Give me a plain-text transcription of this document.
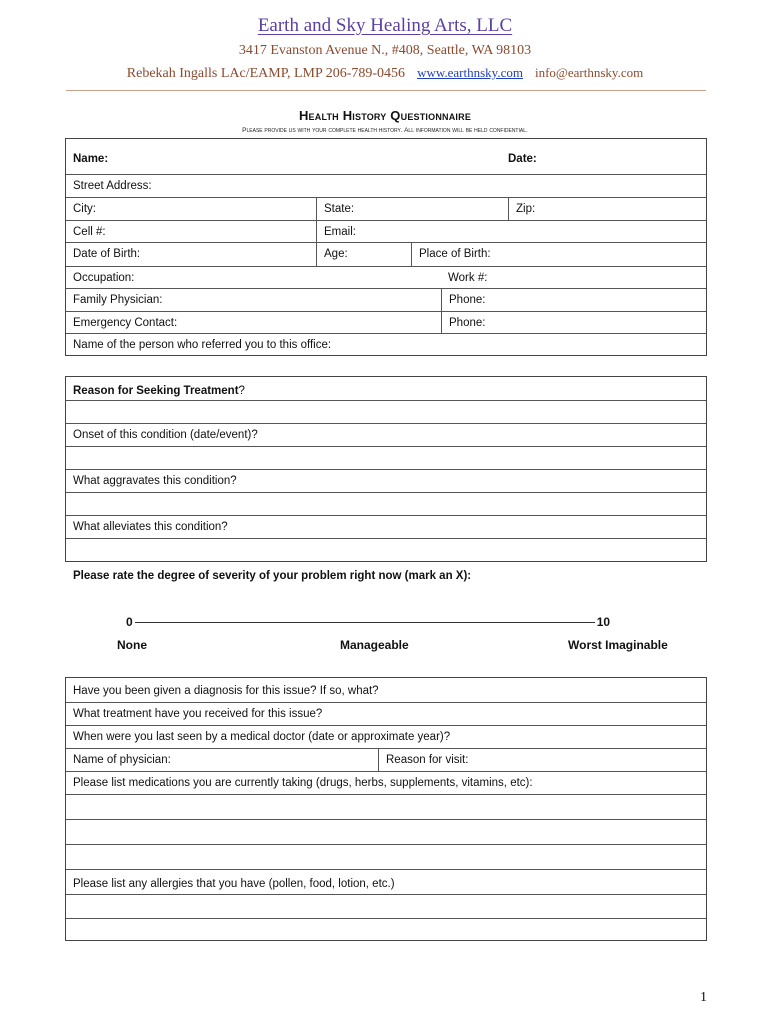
Earth and Sky Healing Arts, LLC
3417 Evanston Avenue N., #408, Seattle, WA 98103
Rebekah Ingalls LAc/EAMP, LMP 206-789-0456 www.earthnsky.com info@earthnsky.com
Health History Questionnaire
Please provide us with your complete health history. All information will be held confidential.
Name:	Date:
Street Address:
City:	State:	Zip:
Cell #:	Email:
Date of Birth:	Age:	Place of Birth:
Occupation:	Work #:
Family Physician:	Phone:
Emergency Contact:	Phone:
Name of the person who referred you to this office:
Reason for Seeking Treatment?
Onset of this condition (date/event)?
What aggravates this condition?
What alleviates this condition?
Please rate the degree of severity of your problem right now (mark an X):
0	10
None	Manageable	Worst Imaginable
Have you been given a diagnosis for this issue? If so, what?
What treatment have you received for this issue?
When were you last seen by a medical doctor (date or approximate year)?
Name of physician:	Reason for visit:
Please list medications you are currently taking (drugs, herbs, supplements, vitamins, etc):
Please list any allergies that you have (pollen, food, lotion, etc.)
1
